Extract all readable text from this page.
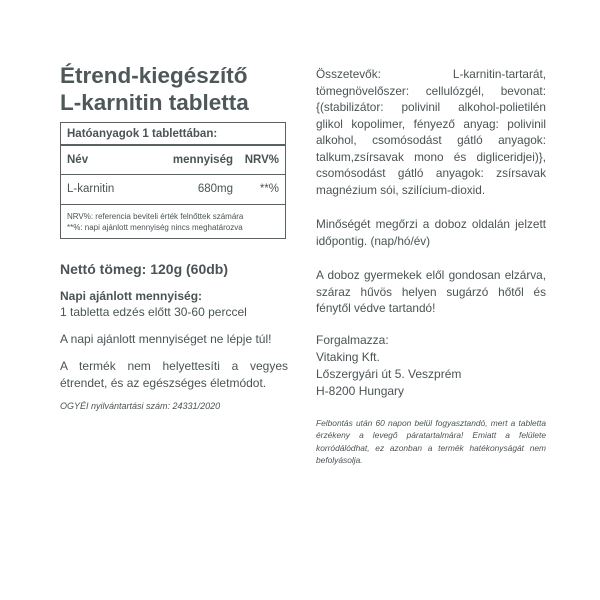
Étrend-kiegészítő
L-karnitin tabletta
Hatóanyagok 1 tablettában:
Név	mennyiség	NRV%
L-karnitin	680mg	**%
NRV%: referencia beviteli érték felnőttek számára
**%: napi ajánlott mennyiség nincs meghatározva
Nettó tömeg: 120g (60db)
Napi ajánlott mennyiség:
1 tabletta edzés előtt 30-60 perccel
A napi ajánlott mennyiséget ne lépje túl!
A termék nem helyettesíti a vegyes étrendet, és az egészséges életmódot.
OGYÉI nyilvántartási szám: 24331/2020

Összetevők: L-karnitin-tartarát, tömegnövelőszer: cellulózgél, bevonat: {(stabilizátor: polivinil alkohol-polietilén glikol kopolimer, fényező anyag: polivinil alkohol, csomósodást gátló anyagok: talkum,zsírsavak mono és digliceridjei)}, csomósodást gátló anyagok: zsírsavak magnézium sói, szilícium-dioxid.

Minőségét megőrzi a doboz oldalán jelzett időpontig. (nap/hó/év)

A doboz gyermekek elől gondosan elzárva, száraz hűvös helyen sugárzó hőtől és fénytől védve tartandó!

Forgalmazza:
Vitaking Kft.
Lőszergyári út 5. Veszprém
H-8200 Hungary
Felbontás után 60 napon belül fogyasztandó, mert a tabletta érzékeny a levegő páratartalmára! Emiatt a felülete korródálódhat, ez azonban a termék hatékonyságát nem befolyásolja.
